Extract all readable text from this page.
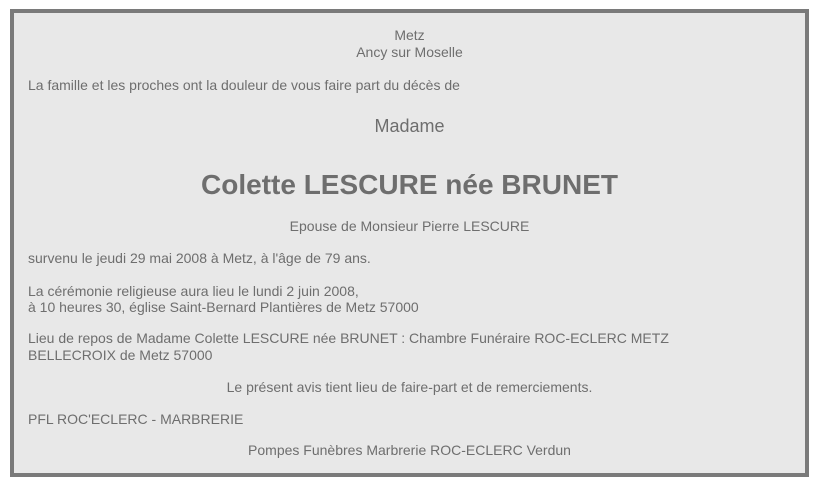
Metz
Ancy sur Moselle
La famille et les proches ont la douleur de vous faire part du décès de
Madame
Colette LESCURE née BRUNET
Epouse de Monsieur Pierre LESCURE
survenu le jeudi 29 mai 2008 à Metz, à l'âge de 79 ans.
La cérémonie religieuse aura lieu le lundi 2 juin 2008,
à 10 heures 30, église Saint-Bernard Plantières de Metz 57000
Lieu de repos de Madame Colette LESCURE née BRUNET : Chambre Funéraire ROC-ECLERC METZ
BELLECROIX de Metz 57000
Le présent avis tient lieu de faire-part et de remerciements.
PFL ROC'ECLERC - MARBRERIE
Pompes Funèbres Marbrerie ROC-ECLERC Verdun
